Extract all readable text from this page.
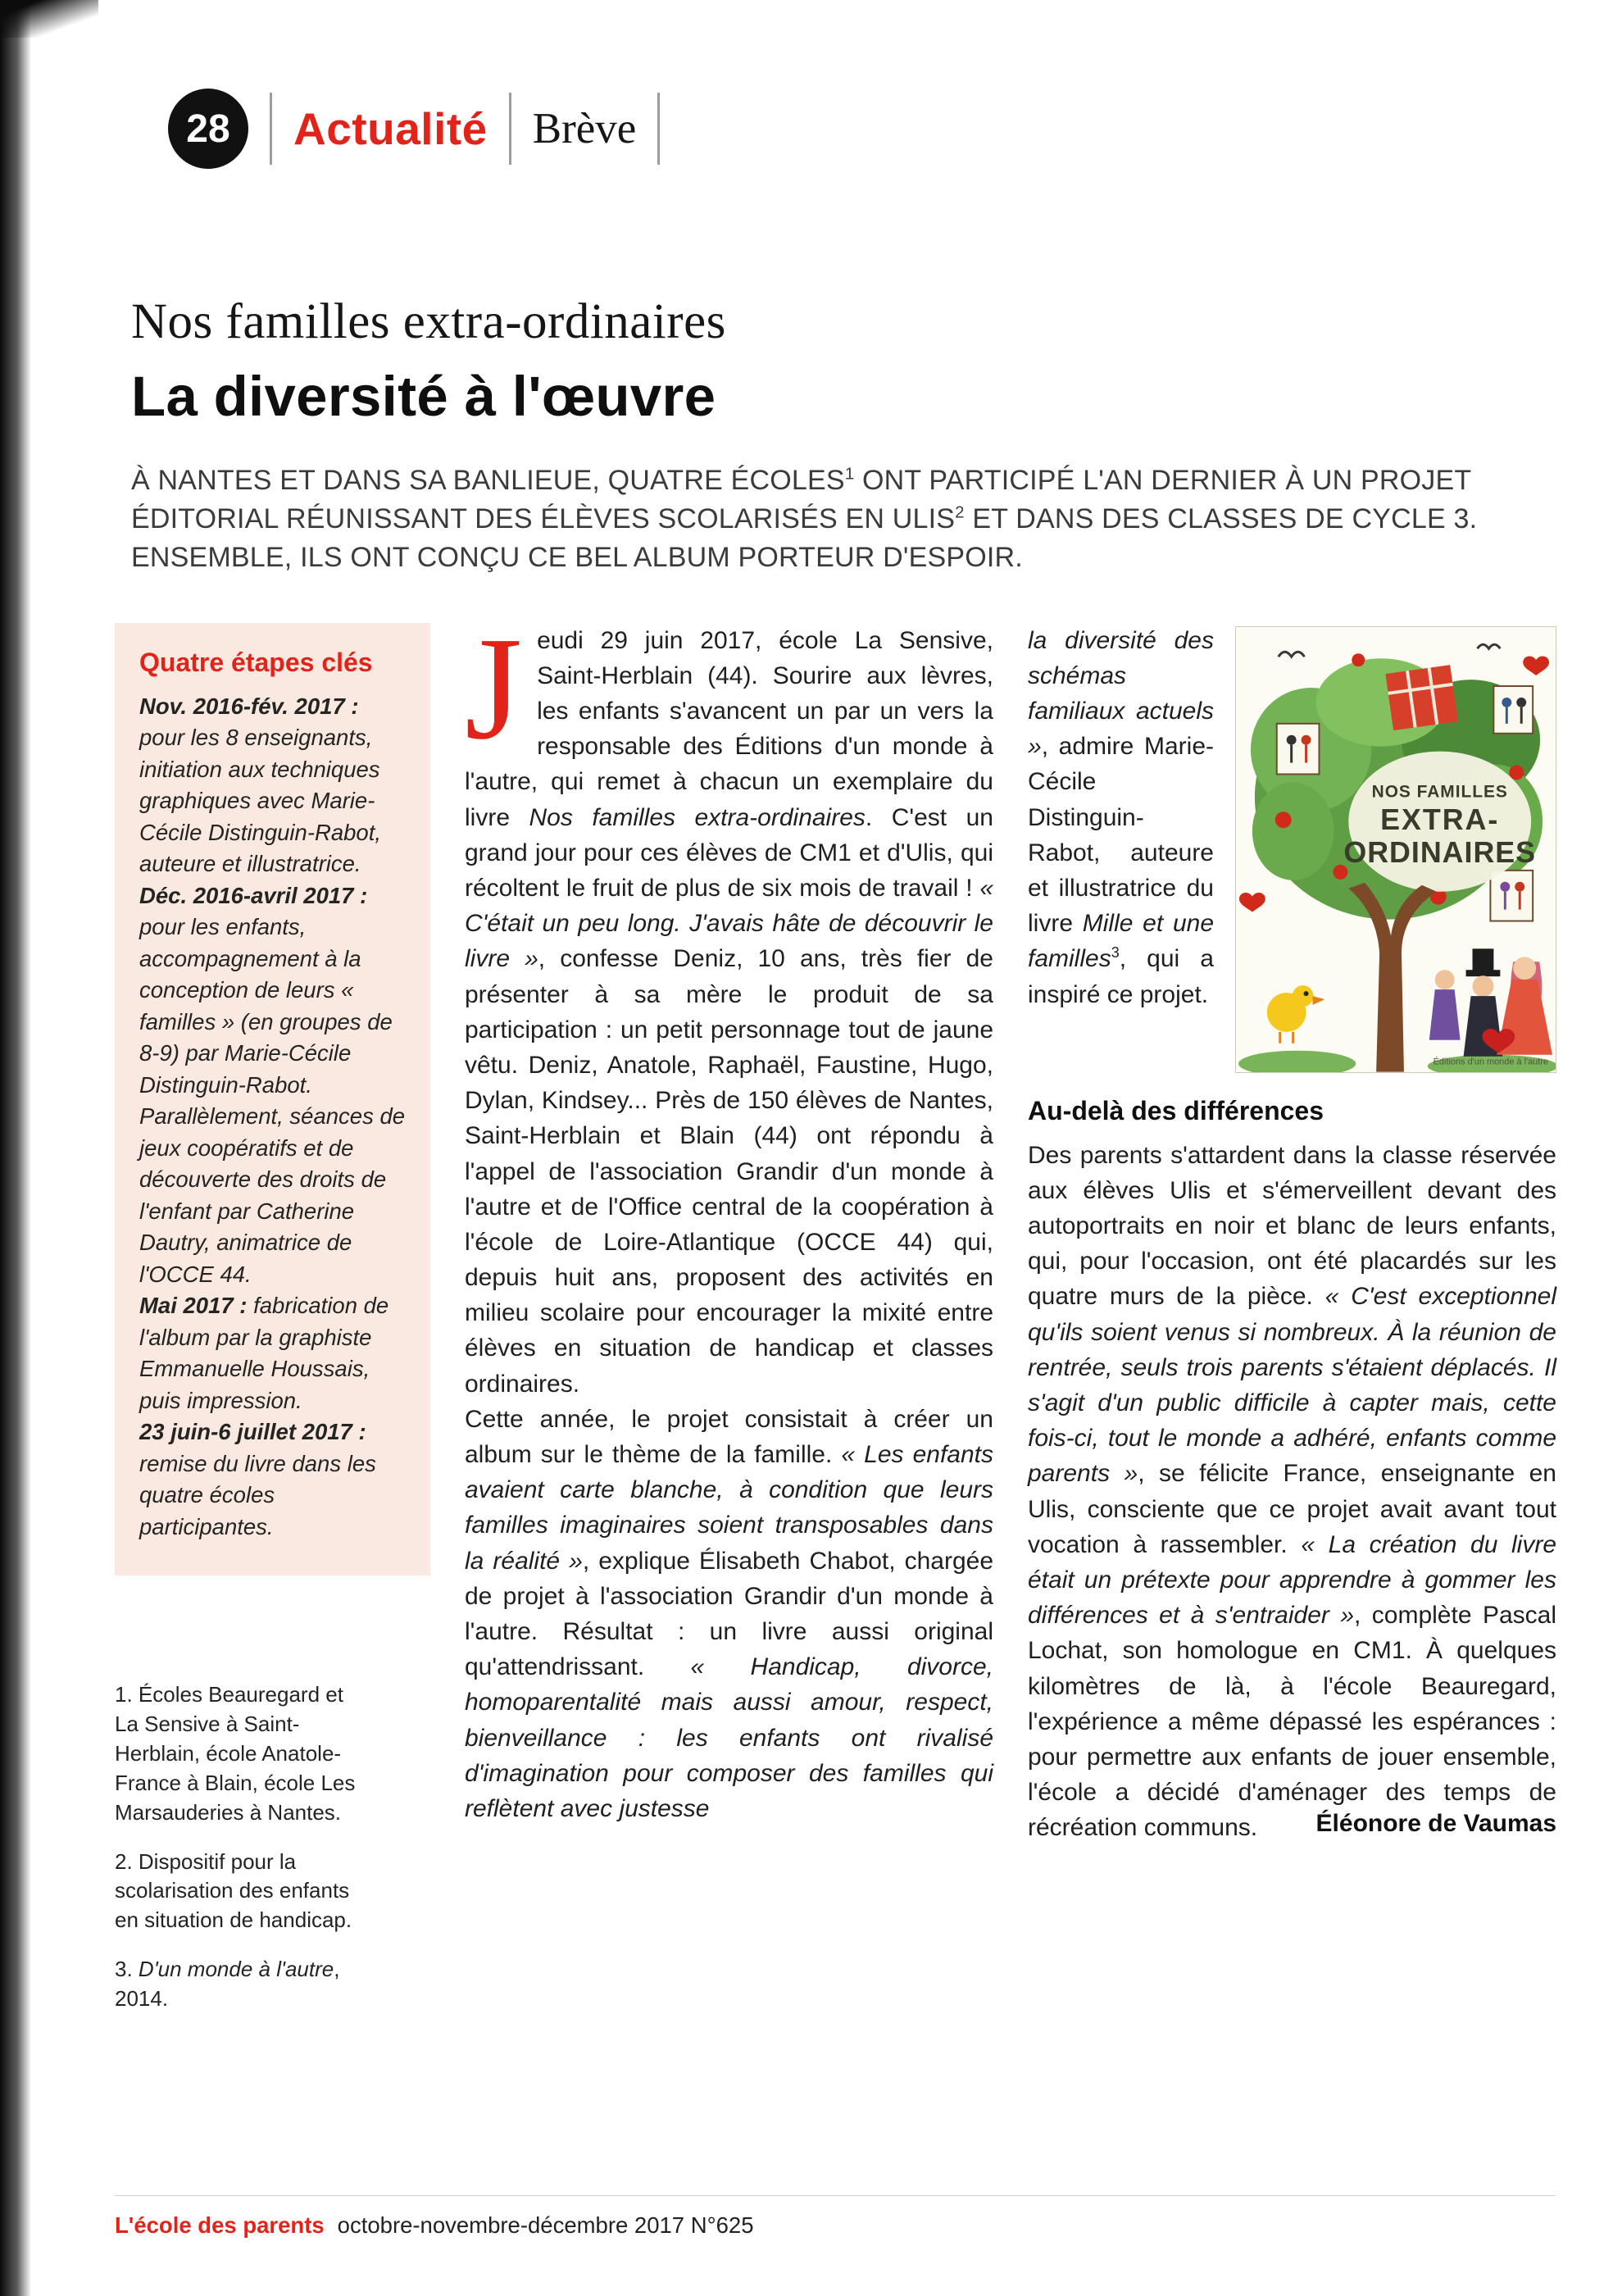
28 Actualité Brève
Nos familles extra-ordinaires
La diversité à l'œuvre

À NANTES ET DANS SA BANLIEUE, QUATRE ÉCOLES$^1$ ONT PARTICIPÉ L'AN DERNIER À UN PROJET ÉDITORIAL RÉUNISSANT DES ÉLÈVES SCOLARISÉS EN ULIS$^2$ ET DANS DES CLASSES DE CYCLE 3. ENSEMBLE, ILS ONT CONÇU CE BEL ALBUM PORTEUR D'ESPOIR.

Quatre étapes clés

Nov. 2016-fév. 2017 : pour les 8 enseignants, initiation aux techniques graphiques avec Marie-Cécile Distinguin-Rabot, auteure et illustratrice.

Déc. 2016-avril 2017 : pour les enfants, accompagnement à la conception de leurs « familles » (en groupes de 8-9) par Marie-Cécile Distinguin-Rabot. Parallèlement, séances de jeux coopératifs et de découverte des droits de l'enfant par Catherine Dautry, animatrice de l'OCCE 44.

Mai 2017 : fabrication de l'album par la graphiste Emmanuelle Houssais, puis impression.

23 juin-6 juillet 2017 : remise du livre dans les quatre écoles participantes.

1. Écoles Beauregard et La Sensive à Saint-Herblain, école Anatole-France à Blain, école Les Marsauderies à Nantes.

2. Dispositif pour la scolarisation des enfants en situation de handicap.

3. D'un monde à l'autre, 2014.

Jeudi 29 juin 2017, école La Sensive, Saint-Herblain (44). Sourire aux lèvres, les enfants s'avancent un par un vers la responsable des Éditions d'un monde à l'autre, qui remet à chacun un exemplaire du livre Nos familles extra-ordinaires. C'est un grand jour pour ces élèves de CM1 et d'Ulis, qui récoltent le fruit de plus de six mois de travail ! « C'était un peu long. J'avais hâte de découvrir le livre », confesse Deniz, 10 ans, très fier de présenter à sa mère le produit de sa participation : un petit personnage tout de jaune vêtu. Deniz, Anatole, Raphaël, Faustine, Hugo, Dylan, Kindsey... Près de 150 élèves de Nantes, Saint-Herblain et Blain (44) ont répondu à l'appel de l'association Grandir d'un monde à l'autre et de l'Office central de la coopération à l'école de Loire-Atlantique (OCCE 44) qui, depuis huit ans, proposent des activités en milieu scolaire pour encourager la mixité entre élèves en situation de handicap et classes ordinaires.

Cette année, le projet consistait à créer un album sur le thème de la famille. « Les enfants avaient carte blanche, à condition que leurs familles imaginaires soient transposables dans la réalité », explique Élisabeth Chabot, chargée de projet à l'association Grandir d'un monde à l'autre. Résultat : un livre aussi original qu'attendrissant. « Handicap, divorce, homoparentalité mais aussi amour, respect, bienveillance : les enfants ont rivalisé d'imagination pour composer des familles qui reflètent avec justesse

NOS FAMILLES
EXTRA-
ORDINAIRES
Éditions d'un monde à l'autre

la diversité des schémas familiaux actuels », admire Marie-Cécile Distinguin-Rabot, auteure et illustratrice du livre Mille et une familles$^3$, qui a inspiré ce projet.

Au-delà des différences

Des parents s'attardent dans la classe réservée aux élèves Ulis et s'émerveillent devant des autoportraits en noir et blanc de leurs enfants, qui, pour l'occasion, ont été placardés sur les quatre murs de la pièce. « C'est exceptionnel qu'ils soient venus si nombreux. À la réunion de rentrée, seuls trois parents s'étaient déplacés. Il s'agit d'un public difficile à capter mais, cette fois-ci, tout le monde a adhéré, enfants comme parents », se félicite France, enseignante en Ulis, consciente que ce projet avait avant tout vocation à rassembler. « La création du livre était un prétexte pour apprendre à gommer les différences et à s'entraider », complète Pascal Lochat, son homologue en CM1. À quelques kilomètres de là, à l'école Beauregard, l'expérience a même dépassé les espérances : pour permettre aux enfants de jouer ensemble, l'école a décidé d'aménager des temps de récréation communs.	Éléonore de Vaumas

L'école des parents octobre-novembre-décembre 2017 N°625
